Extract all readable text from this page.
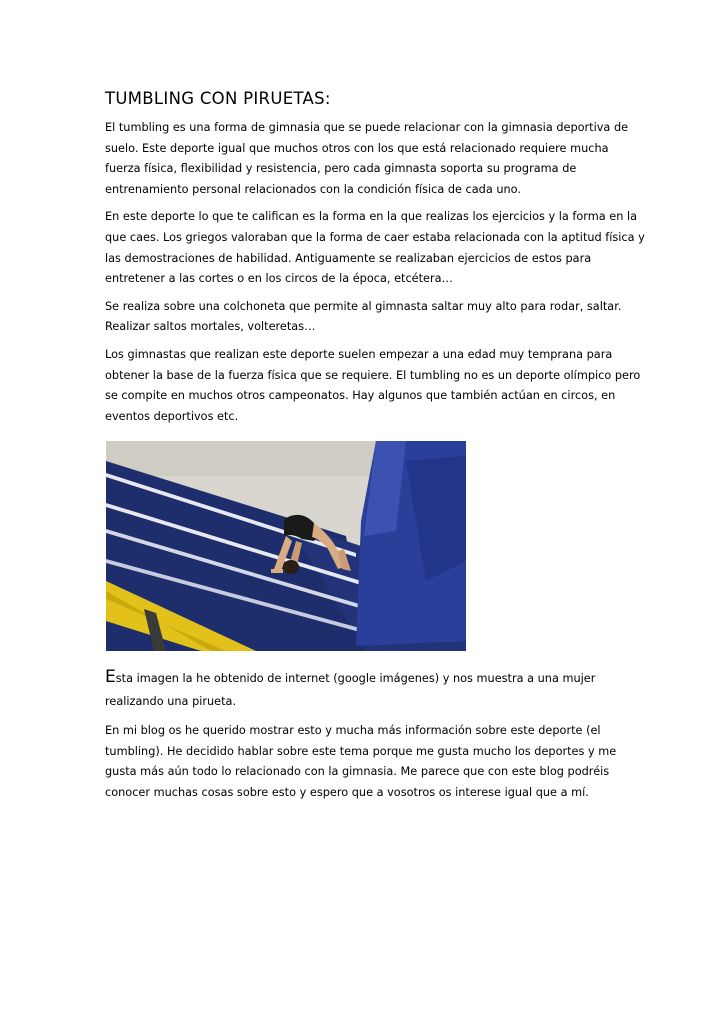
TUMBLING CON PIRUETAS:

El tumbling es una forma de gimnasia que se puede relacionar con la gimnasia deportiva de
suelo. Este deporte igual que muchos otros con los que está relacionado requiere mucha
fuerza física, flexibilidad y resistencia, pero cada gimnasta soporta su programa de
entrenamiento personal relacionados con la condición física de cada uno.

En este deporte lo que te califican es la forma en la que realizas los ejercicios y la forma en la
que caes. Los griegos valoraban que la forma de caer estaba relacionada con la aptitud física y
las demostraciones de habilidad. Antiguamente se realizaban ejercicios de estos para
entretener a las cortes o en los circos de la época, etcétera…

Se realiza sobre una colchoneta que permite al gimnasta saltar muy alto para rodar, saltar.
Realizar saltos mortales, volteretas…

Los gimnastas que realizan este deporte suelen empezar a una edad muy temprana para
obtener la base de la fuerza física que se requiere. El tumbling no es un deporte olímpico pero
se compite en muchos otros campeonatos. Hay algunos que también actúan en circos, en
eventos deportivos etc.

Esta imagen la he obtenido de internet (google imágenes) y nos muestra a una mujer
realizando una pirueta.

En mi blog os he querido mostrar esto y mucha más información sobre este deporte (el
tumbling). He decidido hablar sobre este tema porque me gusta mucho los deportes y me
gusta más aún todo lo relacionado con la gimnasia. Me parece que con este blog podréis
conocer muchas cosas sobre esto y espero que a vosotros os interese igual que a mí.
